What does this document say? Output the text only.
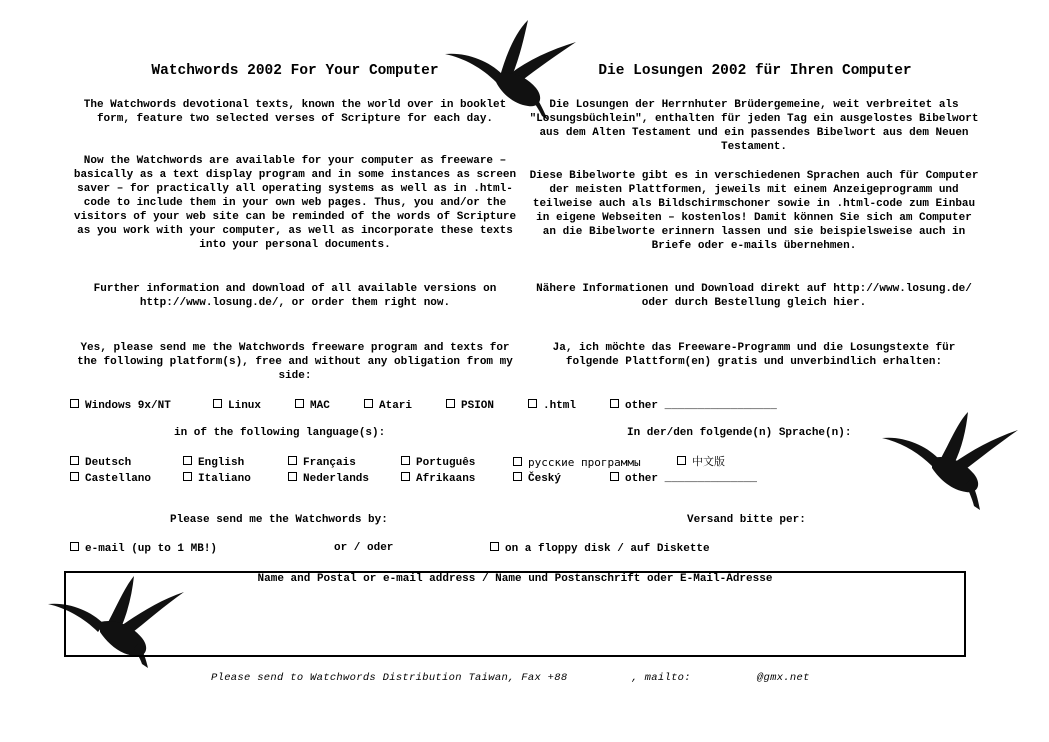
Watchwords 2002 For Your Computer	Die Losungen 2002 für Ihren Computer
The Watchwords devotional texts, known the world over in booklet form, feature two selected verses of Scripture for each day.
Now the Watchwords are available for your computer as freeware – basically as a text display program and in some instances as screen saver – for practically all operating systems as well as in .html-code to include them in your own web pages. Thus, you and/or the visitors of your web site can be reminded of the words of Scripture as you work with your computer, as well as incorporate these texts into your personal documents.
Further information and download of all available versions on http://www.losung.de/, or order them right now.
Yes, please send me the Watchwords freeware program and texts for the following platform(s), free and without any obligation from my side:
Die Losungen der Herrnhuter Brüdergemeine, weit verbreitet als "Losungsbüchlein", enthalten für jeden Tag ein ausgelostes Bibelwort aus dem Alten Testament und ein passendes Bibelwort aus dem Neuen Testament.
Diese Bibelworte gibt es in verschiedenen Sprachen auch für Computer der meisten Plattformen, jeweils mit einem Anzeigeprogramm und teilweise auch als Bildschirmschoner sowie in .html-code zum Einbau in eigene Webseiten – kostenlos! Damit können Sie sich am Computer an die Bibelworte erinnern lassen und sie beispielsweise auch in Briefe oder e-mails übernehmen.
Nähere Informationen und Download direkt auf http://www.losung.de/ oder durch Bestellung gleich hier.
Ja, ich möchte das Freeware-Programm und die Losungstexte für folgende Plattform(en) gratis und unverbindlich erhalten:
Windows 9x/NT	Linux	MAC	Atari	PSION	.html	other _________________
in of the following language(s):	In der/den folgende(n) Sprache(n):
Deutsch	English	Français	Português	русские программы	中文版
Castellano	Italiano	Nederlands	Afrikaans	Český	other ______________
Please send me the Watchwords by:	Versand bitte per:
e-mail (up to 1 MB!)	or / oder	on a floppy disk / auf Diskette
Name and Postal or e-mail address / Name und Postanschrift oder E-Mail-Adresse
Please send to Watchwords Distribution Taiwan, Fax +88	, mailto:	@gmx.net
